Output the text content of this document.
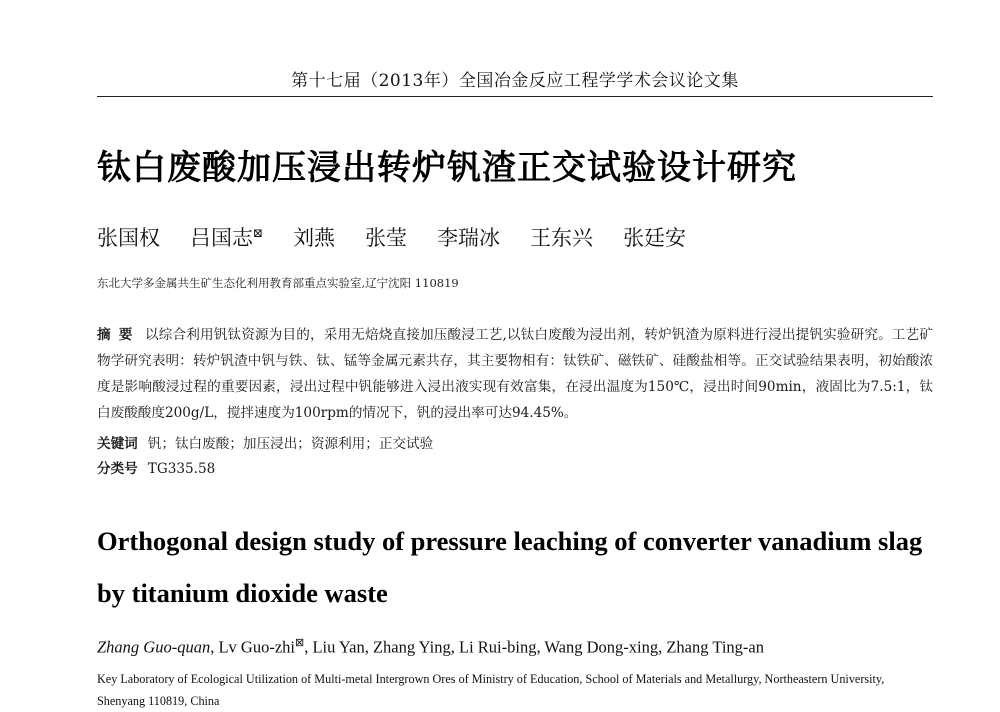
第十七届（2013年）全国冶金反应工程学学术会议论文集
钛白废酸加压浸出转炉钒渣正交试验设计研究
张国权 吕国志⊠ 刘燕 张莹 李瑞冰 王东兴 张廷安
东北大学多金属共生矿生态化利用教育部重点实验室,辽宁沈阳 110819
摘要 以综合利用钒钛资源为目的，采用无焙烧直接加压酸浸工艺,以钛白废酸为浸出剂，转炉钒渣为原料进行浸出提钒实验研究。工艺矿物学研究表明：转炉钒渣中钒与铁、钛、锰等金属元素共存，其主要物相有：钛铁矿、磁铁矿、硅酸盐相等。正交试验结果表明，初始酸浓度是影响酸浸过程的重要因素，浸出过程中钒能够进入浸出液实现有效富集，在浸出温度为150℃，浸出时间90min，液固比为7.5:1，钛白废酸酸度200g/L，搅拌速度为100rpm的情况下，钒的浸出率可达94.45%。
关键词 钒；钛白废酸；加压浸出；资源利用；正交试验
分类号 TG335.58
Orthogonal design study of pressure leaching of converter vanadium slag by titanium dioxide waste
Zhang Guo-quan, Lv Guo-zhi⊠, Liu Yan, Zhang Ying, Li Rui-bing, Wang Dong-xing, Zhang Ting-an
Key Laboratory of Ecological Utilization of Multi-metal Intergrown Ores of Ministry of Education, School of Materials and Metallurgy, Northeastern University, Shenyang 110819, China
